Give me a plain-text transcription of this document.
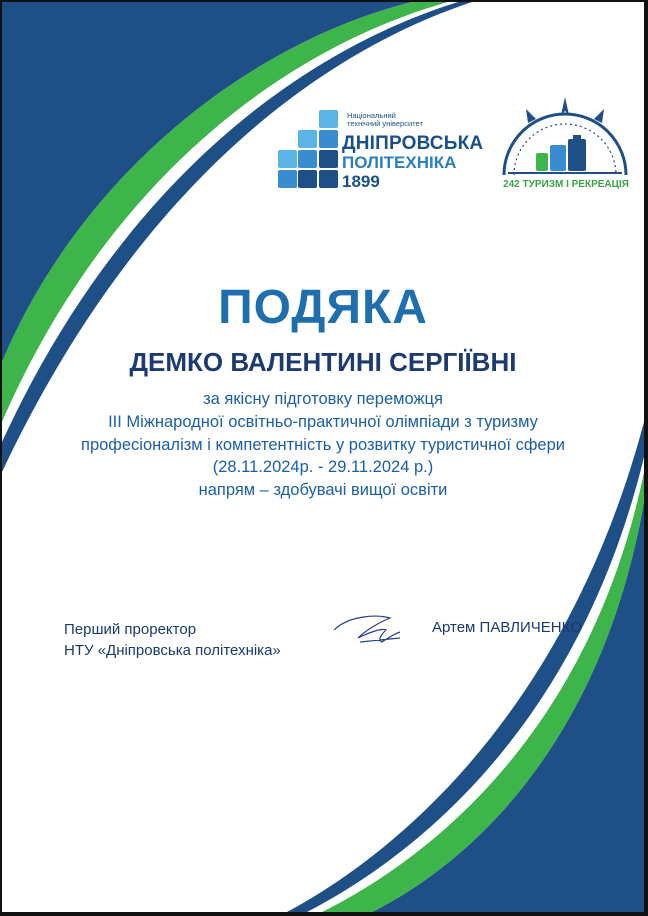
Національний
технічний університет
ДНІПРОВСЬКА
ПОЛІТЕХНІКА
1899	242 ТУРИЗМ І РЕКРЕАЦІЯ
ПОДЯКА
ДЕМКО ВАЛЕНТИНІ СЕРГІЇВНІ
за якісну підготовку переможця
ІІІ Міжнародної освітньо-практичної олімпіади з туризму
професіоналізм і компетентність у розвитку туристичної сфери
(28.11.2024р. - 29.11.2024 р.)
напрям – здобувачі вищої освіти
Перший проректор
НТУ «Дніпровська політехніка»
Артем ПАВЛИЧЕНКО
